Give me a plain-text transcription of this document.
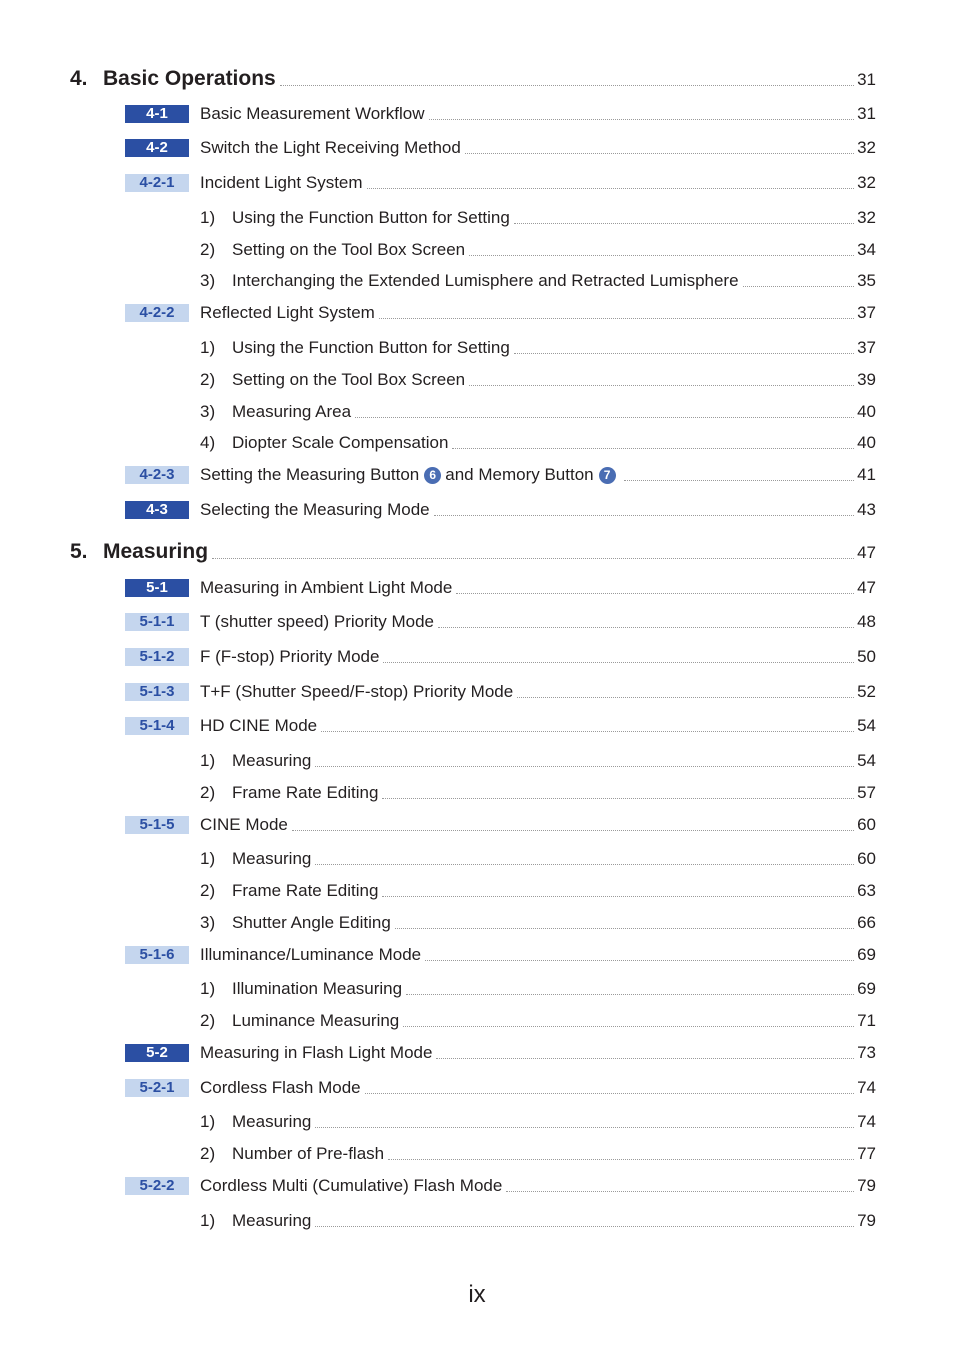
4. Basic Operations	31
4-1	Basic Measurement Workflow	31
4-2	Switch the Light Receiving Method	32
4-2-1	Incident Light System	32
1) Using the Function Button for Setting	32
2) Setting on the Tool Box Screen	34
3) Interchanging the Extended Lumisphere and Retracted Lumisphere	35
4-2-2	Reflected Light System	37
1) Using the Function Button for Setting	37
2) Setting on the Tool Box Screen	39
3) Measuring Area	40
4) Diopter Scale Compensation	40
4-2-3	Setting the Measuring Button 6 and Memory Button 7	41
4-3	Selecting the Measuring Mode	43
5. Measuring	47
5-1	Measuring in Ambient Light Mode	47
5-1-1	T (shutter speed) Priority Mode	48
5-1-2	F (F-stop) Priority Mode	50
5-1-3	T+F (Shutter Speed/F-stop) Priority Mode	52
5-1-4	HD CINE Mode	54
1) Measuring	54
2) Frame Rate Editing	57
5-1-5	CINE Mode	60
1) Measuring	60
2) Frame Rate Editing	63
3) Shutter Angle Editing	66
5-1-6	Illuminance/Luminance Mode	69
1) Illumination Measuring	69
2) Luminance Measuring	71
5-2	Measuring in Flash Light Mode	73
5-2-1	Cordless Flash Mode	74
1) Measuring	74
2) Number of Pre-flash	77
5-2-2	Cordless Multi (Cumulative) Flash Mode	79
1) Measuring	79
ix
